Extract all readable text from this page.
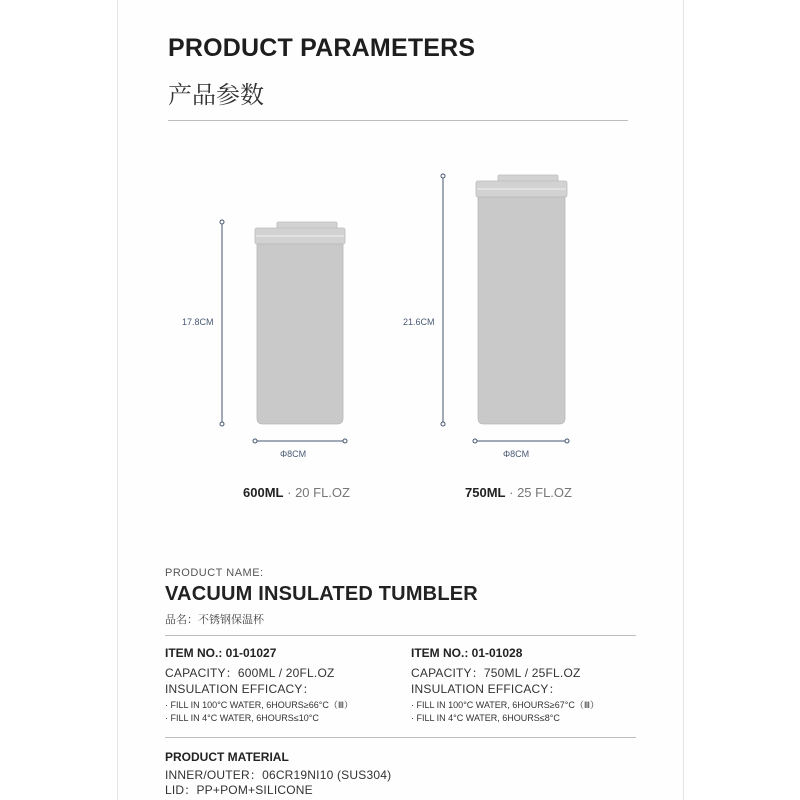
PRODUCT PARAMETERS
产品参数
17.8CM
Φ8CM
21.6CM
Φ8CM
600ML · 20 FL.OZ	750ML · 25 FL.OZ
PRODUCT NAME:
VACUUM INSULATED TUMBLER
品名：不锈钢保温杯
ITEM NO.: 01-01027
CAPACITY：600ML / 20FL.OZ
INSULATION EFFICACY：
· FILL IN 100°C WATER, 6HOURS≥66°C（Ⅲ）
· FILL IN 4°C WATER, 6HOURS≤10°C
ITEM NO.: 01-01028
CAPACITY：750ML / 25FL.OZ
INSULATION EFFICACY：
· FILL IN 100°C WATER, 6HOURS≥67°C（Ⅲ）
· FILL IN 4°C WATER, 6HOURS≤8°C
PRODUCT MATERIAL
INNER/OUTER：06CR19NI10 (SUS304)
LID：PP+POM+SILICONE
